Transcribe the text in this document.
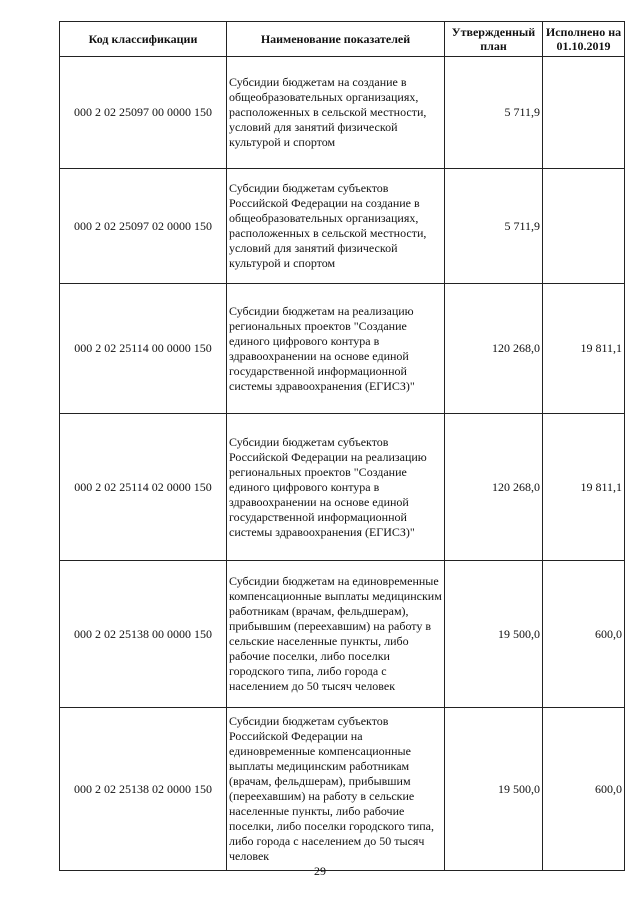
Код классификации	Наименование показателей	Утвержденный план	Исполнено на 01.10.2019
000 2 02 25097 00 0000 150	Субсидии бюджетам на создание в общеобразовательных организациях, расположенных в сельской местности, условий для занятий физической культурой и спортом	5 711,9	
000 2 02 25097 02 0000 150	Субсидии бюджетам субъектов Российской Федерации на создание в общеобразовательных организациях, расположенных в сельской местности, условий для занятий физической культурой и спортом	5 711,9	
000 2 02 25114 00 0000 150	Субсидии бюджетам на реализацию региональных проектов "Создание единого цифрового контура в здравоохранении на основе единой государственной информационной системы здравоохранения (ЕГИСЗ)"	120 268,0	19 811,1
000 2 02 25114 02 0000 150	Субсидии бюджетам субъектов Российской Федерации на реализацию региональных проектов "Создание единого цифрового контура в здравоохранении на основе единой государственной информационной системы здравоохранения (ЕГИСЗ)"	120 268,0	19 811,1
000 2 02 25138 00 0000 150	Субсидии бюджетам на единовременные компенсационные выплаты медицинским работникам (врачам, фельдшерам), прибывшим (переехавшим) на работу в сельские населенные пункты, либо рабочие поселки, либо поселки городского типа, либо города с населением до 50 тысяч человек	19 500,0	600,0
000 2 02 25138 02 0000 150	Субсидии бюджетам субъектов Российской Федерации на единовременные компенсационные выплаты медицинским работникам (врачам, фельдшерам), прибывшим (переехавшим) на работу в сельские населенные пункты, либо рабочие поселки, либо поселки городского типа, либо города с населением до 50 тысяч человек	19 500,0	600,0
29
